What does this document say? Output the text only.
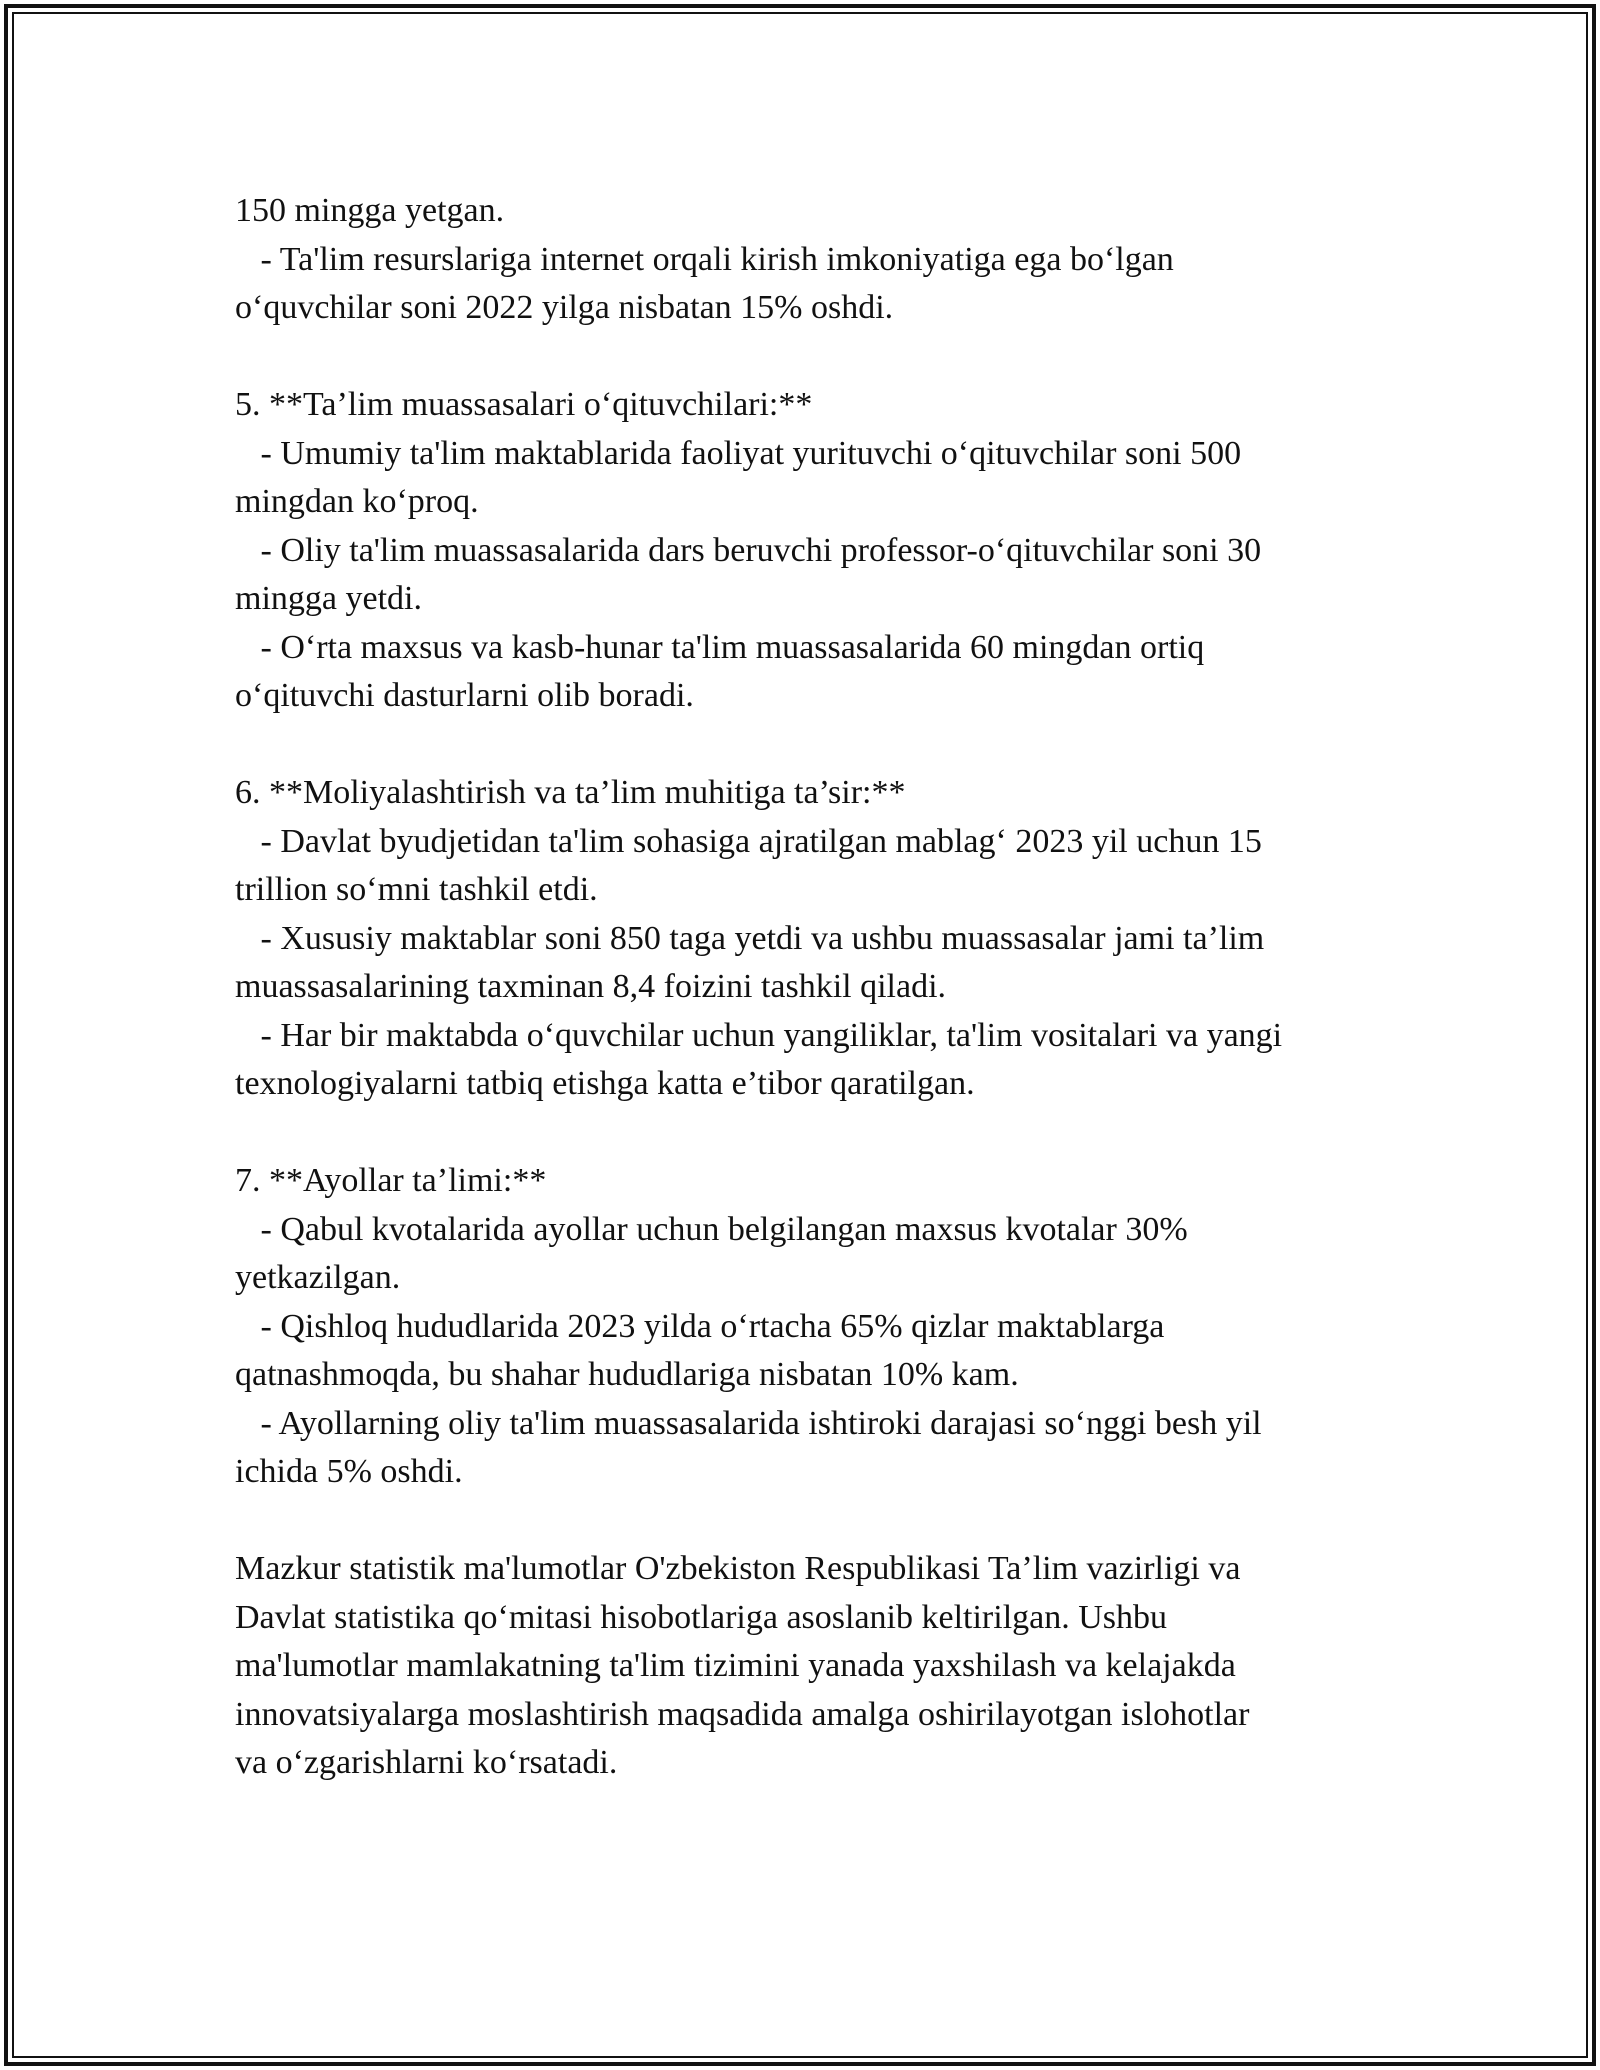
150 mingga yetgan.
- Ta'lim resurslariga internet orqali kirish imkoniyatiga ega bo‘lgan
o‘quvchilar soni 2022 yilga nisbatan 15% oshdi.
5. **Ta’lim muassasalari o‘qituvchilari:**
- Umumiy ta'lim maktablarida faoliyat yurituvchi o‘qituvchilar soni 500
mingdan ko‘proq.
- Oliy ta'lim muassasalarida dars beruvchi professor-o‘qituvchilar soni 30
mingga yetdi.
- O‘rta maxsus va kasb-hunar ta'lim muassasalarida 60 mingdan ortiq
o‘qituvchi dasturlarni olib boradi.
6. **Moliyalashtirish va ta’lim muhitiga ta’sir:**
- Davlat byudjetidan ta'lim sohasiga ajratilgan mablag‘ 2023 yil uchun 15
trillion so‘mni tashkil etdi.
- Xususiy maktablar soni 850 taga yetdi va ushbu muassasalar jami ta’lim
muassasalarining taxminan 8,4 foizini tashkil qiladi.
- Har bir maktabda o‘quvchilar uchun yangiliklar, ta'lim vositalari va yangi
texnologiyalarni tatbiq etishga katta e’tibor qaratilgan.
7. **Ayollar ta’limi:**
- Qabul kvotalarida ayollar uchun belgilangan maxsus kvotalar 30%
yetkazilgan.
- Qishloq hududlarida 2023 yilda o‘rtacha 65% qizlar maktablarga
qatnashmoqda, bu shahar hududlariga nisbatan 10% kam.
- Ayollarning oliy ta'lim muassasalarida ishtiroki darajasi so‘nggi besh yil
ichida 5% oshdi.
Mazkur statistik ma'lumotlar O'zbekiston Respublikasi Ta’lim vazirligi va
Davlat statistika qo‘mitasi hisobotlariga asoslanib keltirilgan. Ushbu
ma'lumotlar mamlakatning ta'lim tizimini yanada yaxshilash va kelajakda
innovatsiyalarga moslashtirish maqsadida amalga oshirilayotgan islohotlar
va o‘zgarishlarni ko‘rsatadi.
